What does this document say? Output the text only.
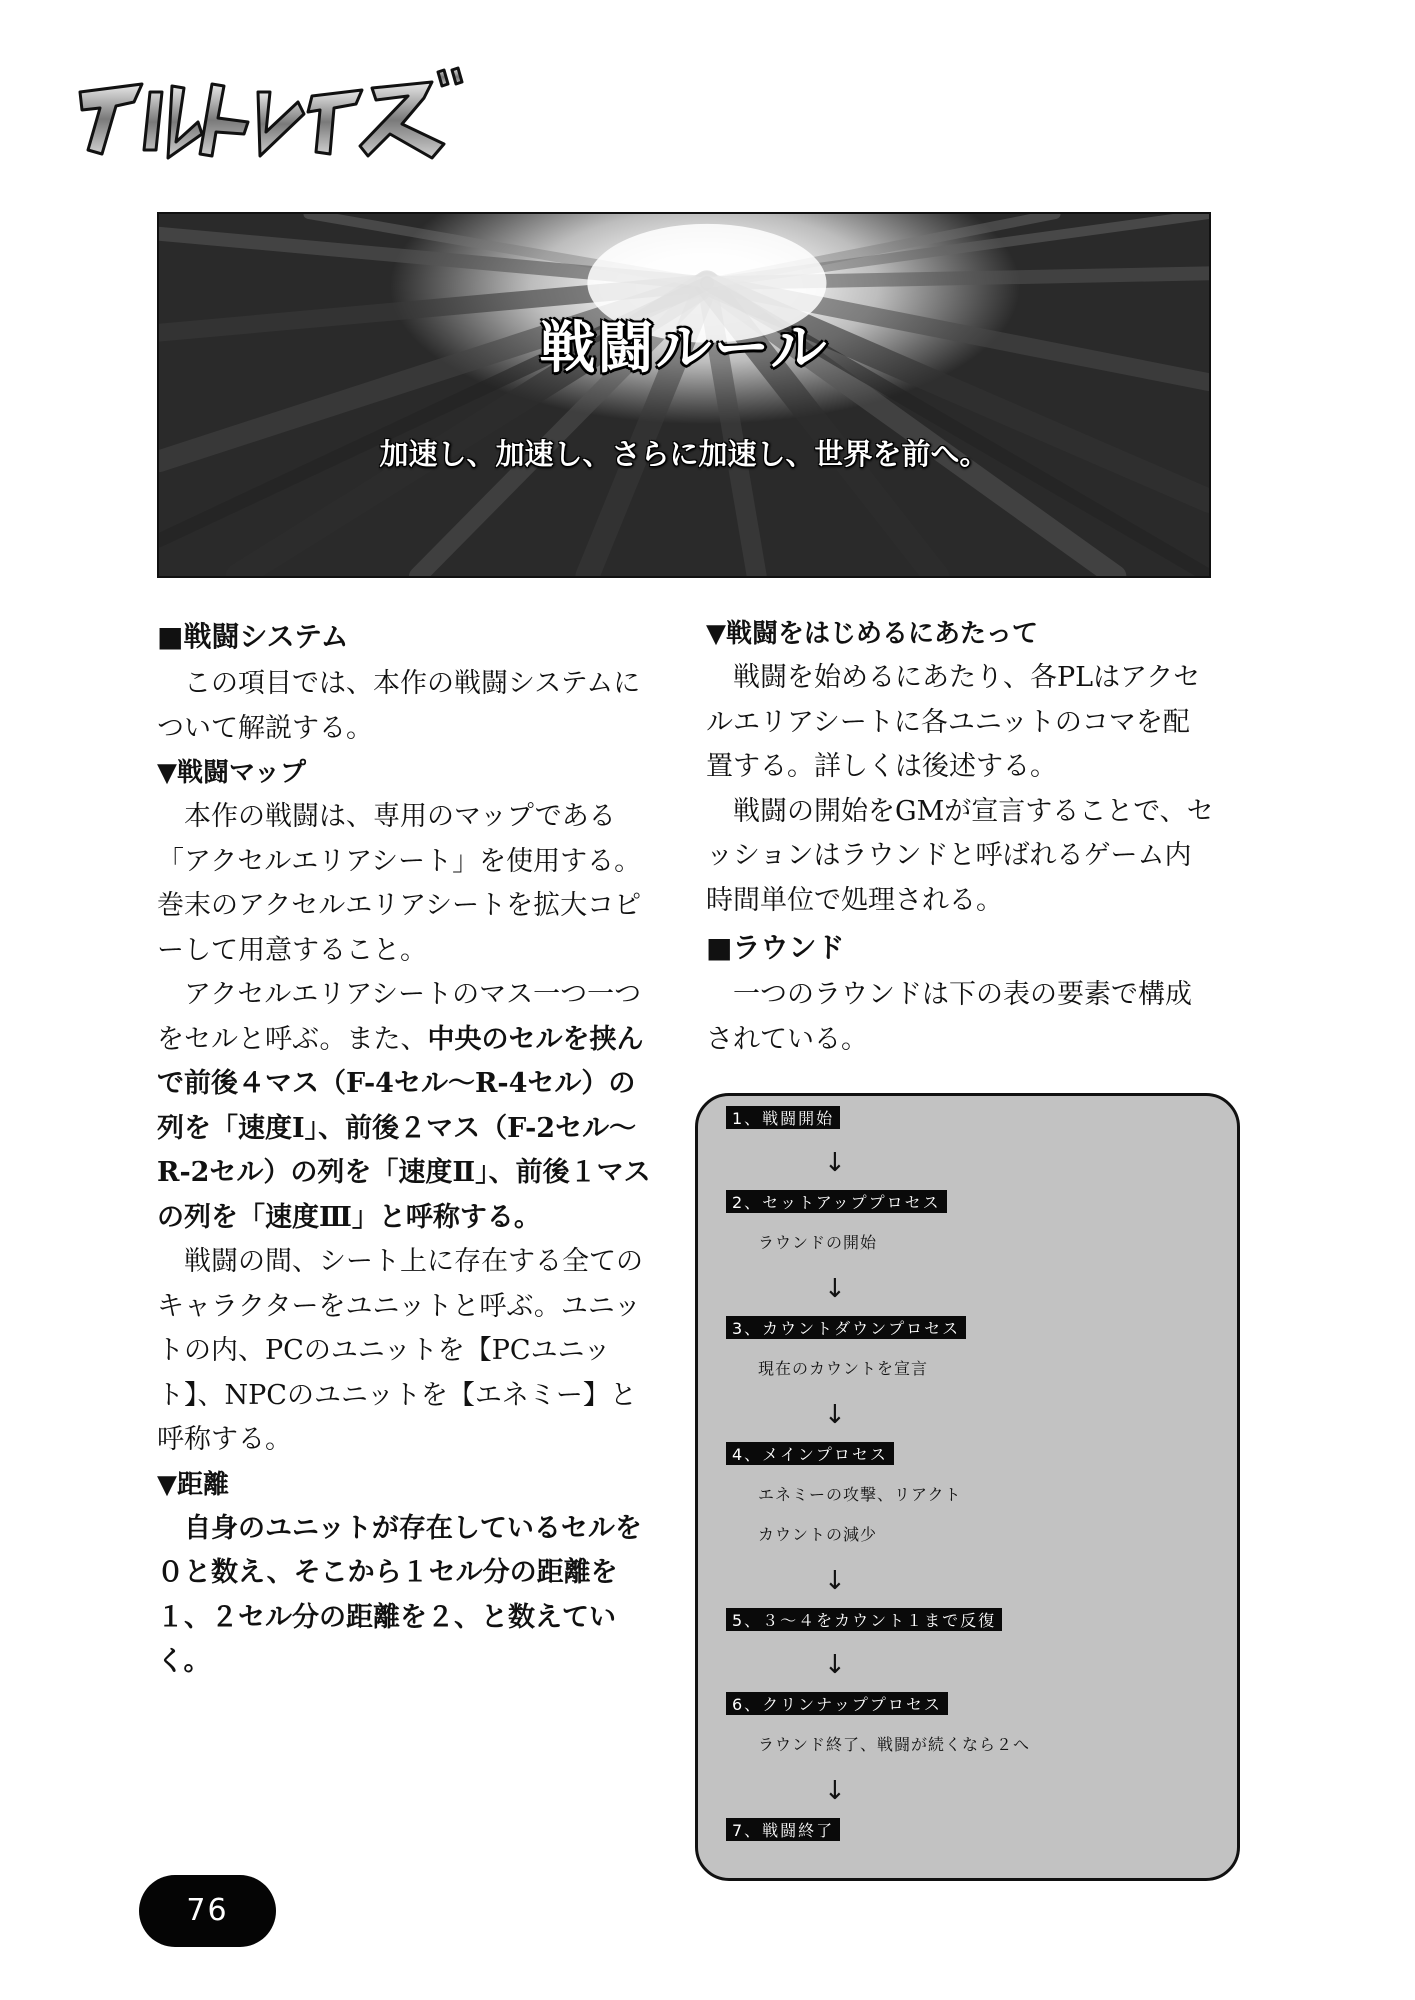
戦闘ルール
加速し、加速し、さらに加速し、世界を前へ。
■戦闘システム

この項目では、本作の戦闘システムについて解説する。

▼戦闘マップ

本作の戦闘は、専用のマップである「アクセルエリアシート」を使用する。巻末のアクセルエリアシートを拡大コピーして用意すること。

アクセルエリアシートのマス一つ一つをセルと呼ぶ。また、中央のセルを挟んで前後４マス（F-4セル～R-4セル）の列を「速度Ⅰ」、前後２マス（F-2セル～R-2セル）の列を「速度Ⅱ」、前後１マスの列を「速度Ⅲ」と呼称する。

戦闘の間、シート上に存在する全てのキャラクターをユニットと呼ぶ。ユニットの内、PCのユニットを【PCユニット】、NPCのユニットを【エネミー】と呼称する。

▼距離

自身のユニットが存在しているセルを０と数え、そこから１セル分の距離を１、２セル分の距離を２、と数えていく。

▼戦闘をはじめるにあたって

戦闘を始めるにあたり、各PLはアクセルエリアシートに各ユニットのコマを配置する。詳しくは後述する。

戦闘の開始をGMが宣言することで、セッションはラウンドと呼ばれるゲーム内時間単位で処理される。

■ラウンド

一つのラウンドは下の表の要素で構成されている。

1、戦闘開始
↓
2、セットアッププロセス
ラウンドの開始
↓
3、カウントダウンプロセス
現在のカウントを宣言
↓
4、メインプロセス
エネミーの攻撃、リアクト
カウントの減少
↓
5、３～４をカウント１まで反復
↓
6、クリンナッププロセス
ラウンド終了、戦闘が続くなら２へ
↓
7、戦闘終了
76
